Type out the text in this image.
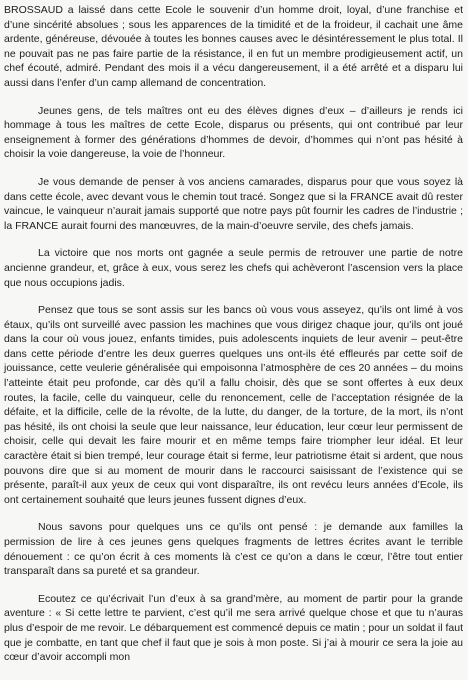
BROSSAUD a laissé dans cette Ecole le souvenir d’un homme droit, loyal, d’une franchise et d’une sincérité absolues ; sous les apparences de la timidité et de la froideur, il cachait une âme ardente, généreuse, dévouée à toutes les bonnes causes avec le désintéressement le plus total. Il ne pouvait pas ne pas faire partie de la résistance, il en fut un membre prodigieusement actif, un chef écouté, admiré. Pendant des mois il a vécu dangereusement, il a été arrêté et a disparu lui aussi dans l’enfer d’un camp allemand de concentration.

Jeunes gens, de tels maîtres ont eu des élèves dignes d’eux – d’ailleurs je rends ici hommage à tous les maîtres de cette Ecole, disparus ou présents, qui ont contribué par leur enseignement à former des générations d’hommes de devoir, d’hommes qui n’ont pas hésité à choisir la voie dangereuse, la voie de l’honneur.

Je vous demande de penser à vos anciens camarades, disparus pour que vous soyez là dans cette école, avec devant vous le chemin tout tracé. Songez que si la FRANCE avait dû rester vaincue, le vainqueur n’aurait jamais supporté que notre pays pût fournir les cadres de l’industrie ; la FRANCE aurait fourni des manœuvres, de la main-d’oeuvre servile, des chefs jamais.

La victoire que nos morts ont gagnée a seule permis de retrouver une partie de notre ancienne grandeur, et, grâce à eux, vous serez les chefs qui achèveront l’ascension vers la place que nous occupions jadis.

Pensez que tous se sont assis sur les bancs où vous vous asseyez, qu’ils ont limé à vos étaux, qu’ils ont surveillé avec passion les machines que vous dirigez chaque jour, qu’ils ont joué dans la cour où vous jouez, enfants timides, puis adolescents inquiets de leur avenir – peut-être dans cette période d’entre les deux guerres quelques uns ont-ils été effleurés par cette soif de jouissance, cette veulerie généralisée qui empoisonna l’atmosphère de ces 20 années – du moins l’atteinte était peu profonde, car dès qu’il a fallu choisir, dès que se sont offertes à eux deux routes, la facile, celle du vainqueur, celle du renoncement, celle de l’acceptation résignée de la défaite, et la difficile, celle de la révolte, de la lutte, du danger, de la torture, de la mort, ils n’ont pas hésité, ils ont choisi la seule que leur naissance, leur éducation, leur cœur leur permissent de choisir, celle qui devait les faire mourir et en même temps faire triompher leur idéal. Et leur caractère était si bien trempé, leur courage était si ferme, leur patriotisme était si ardent, que nous pouvons dire que si au moment de mourir dans le raccourci saisissant de l’existence qui se présente, paraît-il aux yeux de ceux qui vont disparaître, ils ont revécu leurs années d’Ecole, ils ont certainement souhaité que leurs jeunes fussent dignes d’eux.

Nous savons pour quelques uns ce qu’ils ont pensé : je demande aux familles la permission de lire à ces jeunes gens quelques fragments de lettres écrites avant le terrible dénouement : ce qu’on écrit à ces moments là c’est ce qu’on a dans le cœur, l’être tout entier transparaît dans sa pureté et sa grandeur.

Ecoutez ce qu’écrivait l’un d’eux à sa grand’mère, au moment de partir pour la grande aventure : « Si cette lettre te parvient, c’est qu’il me sera arrivé quelque chose et que tu n’auras plus d’espoir de me revoir. Le débarquement est commencé depuis ce matin ; pour un soldat il faut que je combatte, en tant que chef il faut que je sois à mon poste. Si j’ai à mourir ce sera la joie au cœur d’avoir accompli mon
